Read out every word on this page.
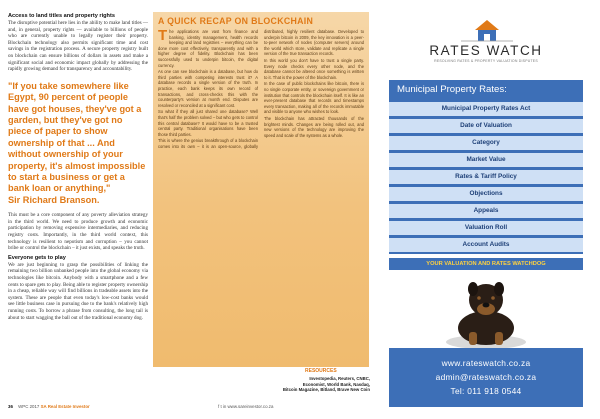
Access to land titles and property rights

The disruptive potential here lies in the ability to make land titles — and, in general, property rights — available to billions of people who are currently unable to legally register their property. Blockchain technology also permits significant time and cost savings in the registration process. A secure property registry built on blockchain can ensure billions of dollars in assets and make a significant social and economic impact globally by addressing the rapidly growing demand for transparency and accountability.

"If you take somewhere like Egypt, 90 percent of people have got houses, they've got a garden, but they've got no piece of paper to show ownership of that ... And without ownership of your property, it's almost impossible to start a business or get a bank loan or anything,"
Sir Richard Branson.

This must be a core component of any poverty alleviation strategy in the third world. We need to produce growth and economic participation by removing expensive intermediaries, and reducing registry costs. Importantly, in the third world context, this technology is resilient to nepotism and corruption – you cannot bribe or control the blockchain – it just exists, and speaks the truth.

Everyone gets to play

We are just beginning to grasp the possibilities of linking the remaining two billion unbanked people into the global economy via technologies like bitcoin. Anybody with a smartphone and a few cents to spare gets to play. Being able to register property ownership in a cheap, reliable way will find billions in tradeable assets into the system. These are people that even today's low-cost banks would see little business case in pursuing due to the bank's relatively high running costs. To borrow a phrase from consulting, the long tail is about to start wagging the ball out of the traditional economy dog.

A QUICK RECAP ON BLOCKCHAIN

The applications are vast from finance and banking, identity management, health records keeping and land registries – everything can be done more cost effectively, transparently and with a higher degree of fidelity. Blockchain has been successfully used to underpin bitcoin, the digital currency.

As one can see blockchain is a database, but how do third parties with competing interests trust it? A database records a single version of the truth. In practice, each bank keeps its own record of transactions, and cross-checks this with the counterparty's version at month end. Disputes are resolved or reconciled at a significant cost.

So what if they all just shared one database? Well that's half the problem solved – but who gets to control this central database? It would have to be a trusted central party. Traditional organisations have been those third parties.

This is where the genius breakthrough of a blockchain comes into its own – it is an open-source, globally distributed, highly resilient database. Developed to underpin bitcoin in 2009, the key innovation is a peer-to-peer network of nodes (computer servers) around the world which store, validate and replicate a single version of the true transaction records.

In this world you don't have to trust a single party. Every node checks every other node, and the database cannot be altered once something is written to it. That is the power of the blockchain.

In the case of public blockchains like bitcoin, there is no single corporate entity, or sovereign government or institution that controls the blockchain itself. It is like an ever-present database that records and timestamps every transaction, making all of the records immutable and visible to anyone who wishes to look.

The blockchain has attracted thousands of the brightest minds. Changes are being rolled out, and new versions of the technology are improving the speed and scale of the systems as a whole.

RESOURCES
Investopedia, Reuters, CNBC,
Economist, World Bank, Nasdaq,
Bitcoin Magazine, Bitland, Brave New Coin
36 WPC 2017 SA Real Estate Investor	f t in www.sareinvestor.co.za
RATES WATCH
RESOLVING RATES & PROPERTY VALUATION DISPUTES
Municipal Property Rates:
Municipal Property Rates Act
Date of Valuation
Category
Market Value
Rates & Tariff Policy
Objections
Appeals
Valuation Roll
Account Audits
YOUR VALUATION AND RATES WATCHDOG
www.rateswatch.co.za
admin@rateswatch.co.za
Tel: 011 918 0544
